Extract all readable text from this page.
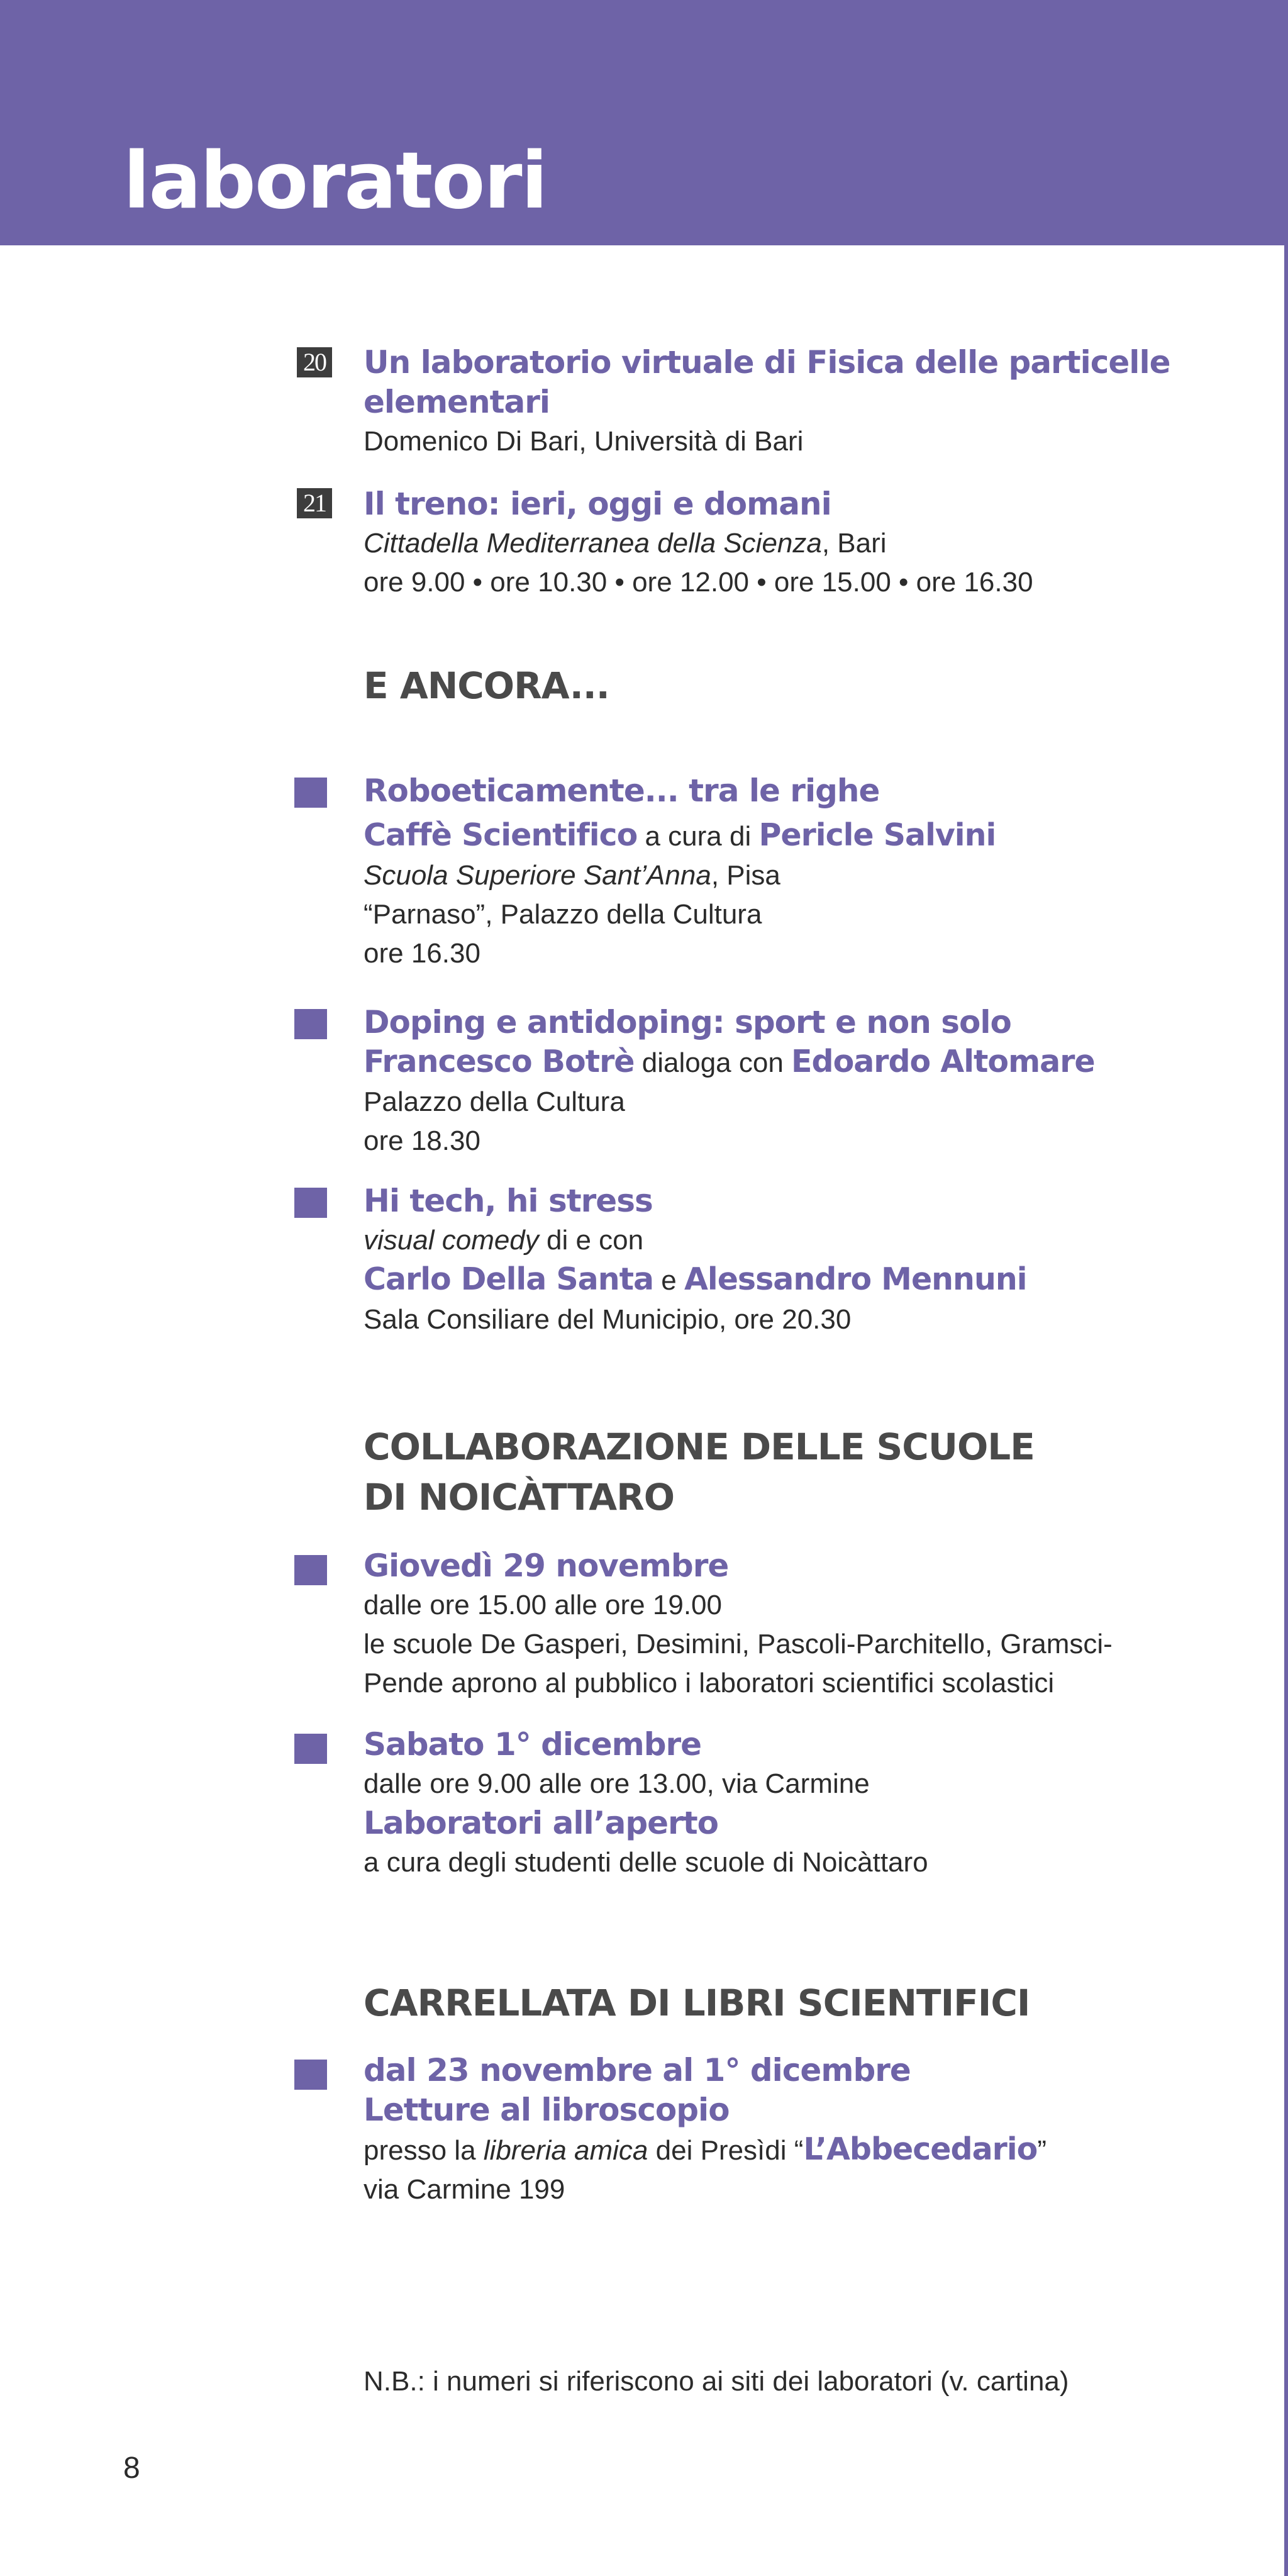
laboratori
20 Un laboratorio virtuale di Fisica delle particelle
elementari
Domenico Di Bari, Università di Bari
21 Il treno: ieri, oggi e domani
Cittadella Mediterranea della Scienza, Bari
ore 9.00 • ore 10.30 • ore 12.00 • ore 15.00 • ore 16.30
E ANCORA...
Roboeticamente... tra le righe
Caffè Scientifico a cura di Pericle Salvini
Scuola Superiore Sant’Anna, Pisa
“Parnaso”, Palazzo della Cultura
ore 16.30
Doping e antidoping: sport e non solo
Francesco Botrè dialoga con Edoardo Altomare
Palazzo della Cultura
ore 18.30
Hi tech, hi stress
visual comedy di e con
Carlo Della Santa e Alessandro Mennuni
Sala Consiliare del Municipio, ore 20.30
COLLABORAZIONE DELLE SCUOLE
DI NOICÀTTARO
Giovedì 29 novembre
dalle ore 15.00 alle ore 19.00
le scuole De Gasperi, Desimini, Pascoli-Parchitello, Gramsci-
Pende aprono al pubblico i laboratori scientifici scolastici
Sabato 1° dicembre
dalle ore 9.00 alle ore 13.00, via Carmine
Laboratori all’aperto
a cura degli studenti delle scuole di Noicàttaro
CARRELLATA DI LIBRI SCIENTIFICI
dal 23 novembre al 1° dicembre
Letture al libroscopio
presso la libreria amica dei Presìdi “L’Abbecedario”
via Carmine 199
N.B.: i numeri si riferiscono ai siti dei laboratori (v. cartina)
8
